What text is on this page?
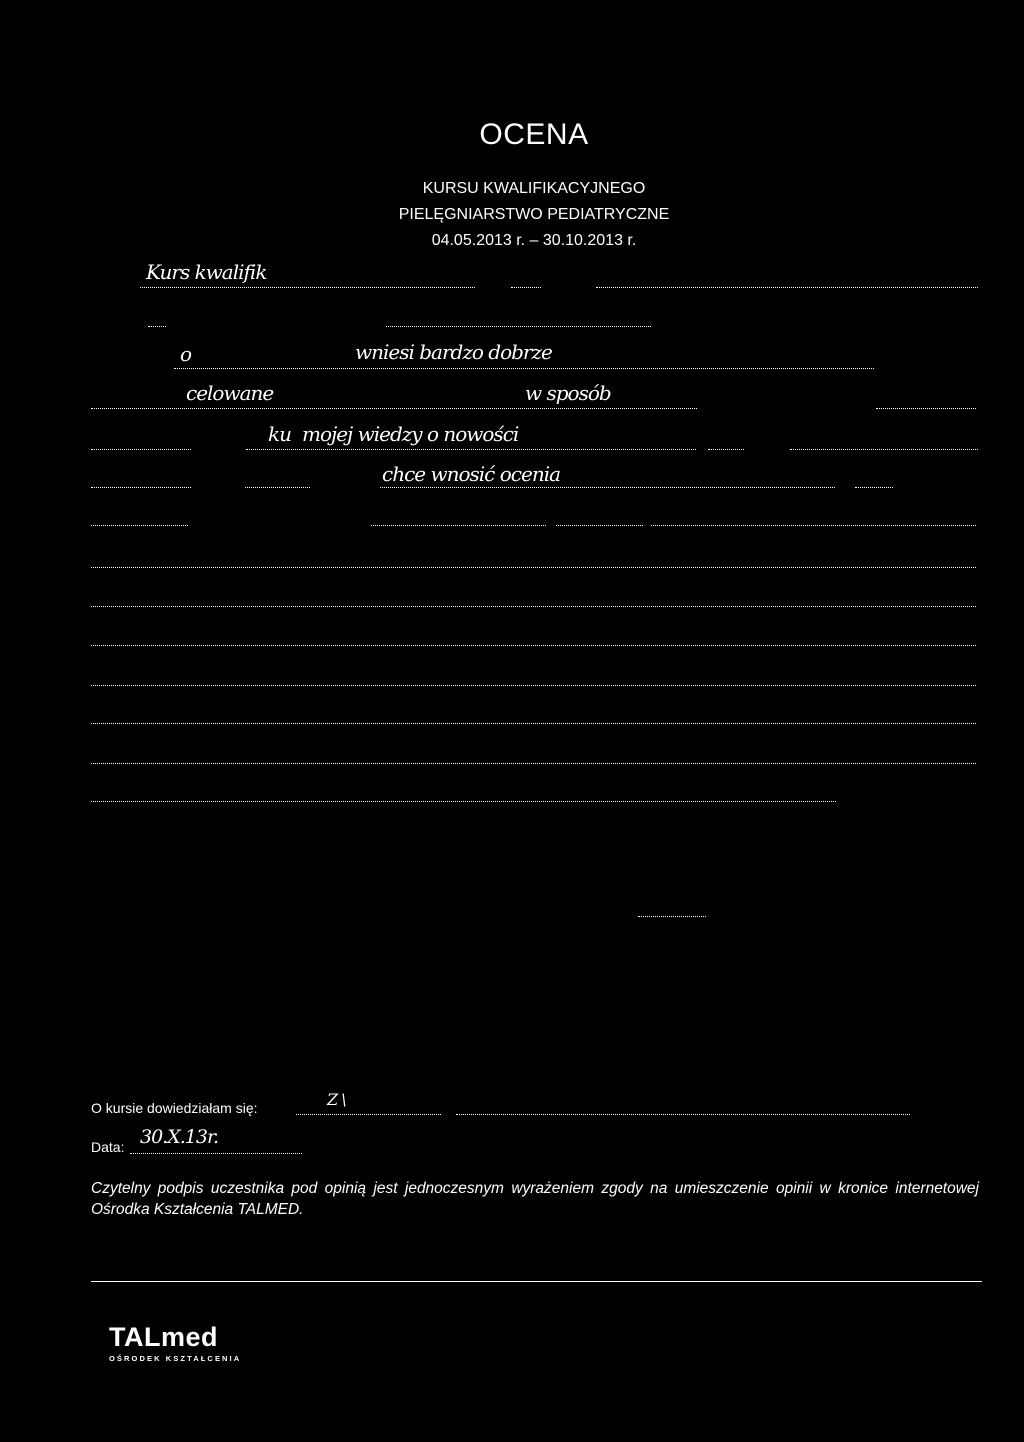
OCENA
KURSU KWALIFIKACYJNEGO
PIELĘGNIARSTWO PEDIATRYCZNE
04.05.2013 r. – 30.10.2013 r.
Kurs kwalifik
o	wniesi bardzo dobrze
celowane	w sposób
ku mojej wiedzy o nowości
chce wnosić ocenia
O kursie dowiedziałam się:	Z \
Data: 30.X.13r.
Czytelny podpis uczestnika pod opinią jest jednoczesnym wyrażeniem zgody na umieszczenie opinii w kronice internetowej Ośrodka Kształcenia TALMED.
TALmed
OŚRODEK KSZTAŁCENIA
